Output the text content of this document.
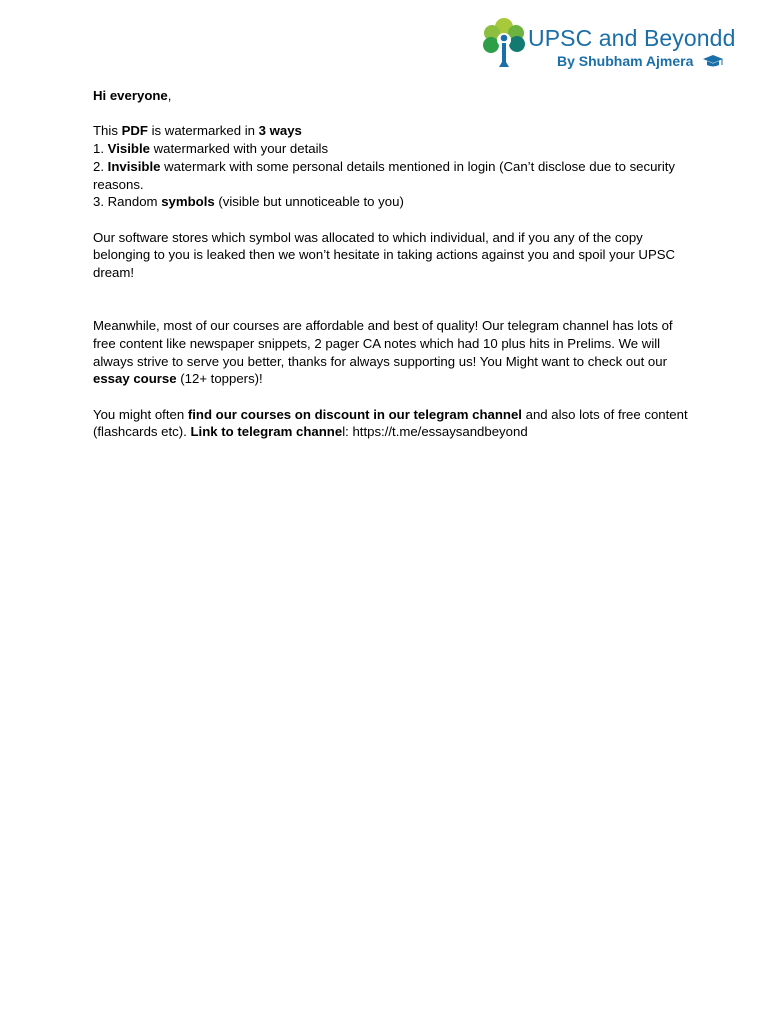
UPSC and Beyondd
By Shubham Ajmera

Hi everyone,

This PDF is watermarked in 3 ways

1. Visible watermarked with your details

2. Invisible watermark with some personal details mentioned in login (Can’t disclose due to security reasons.

3. Random symbols (visible but unnoticeable to you)

Our software stores which symbol was allocated to which individual, and if you any of the copy belonging to you is leaked then we won’t hesitate in taking actions against you and spoil your UPSC dream!

Meanwhile, most of our courses are affordable and best of quality! Our telegram channel has lots of free content like newspaper snippets, 2 pager CA notes which had 10 plus hits in Prelims. We will always strive to serve you better, thanks for always supporting us! You Might want to check out our essay course (12+ toppers)!

You might often find our courses on discount in our telegram channel and also lots of free content (flashcards etc). Link to telegram channel: https://t.me/essaysandbeyond
